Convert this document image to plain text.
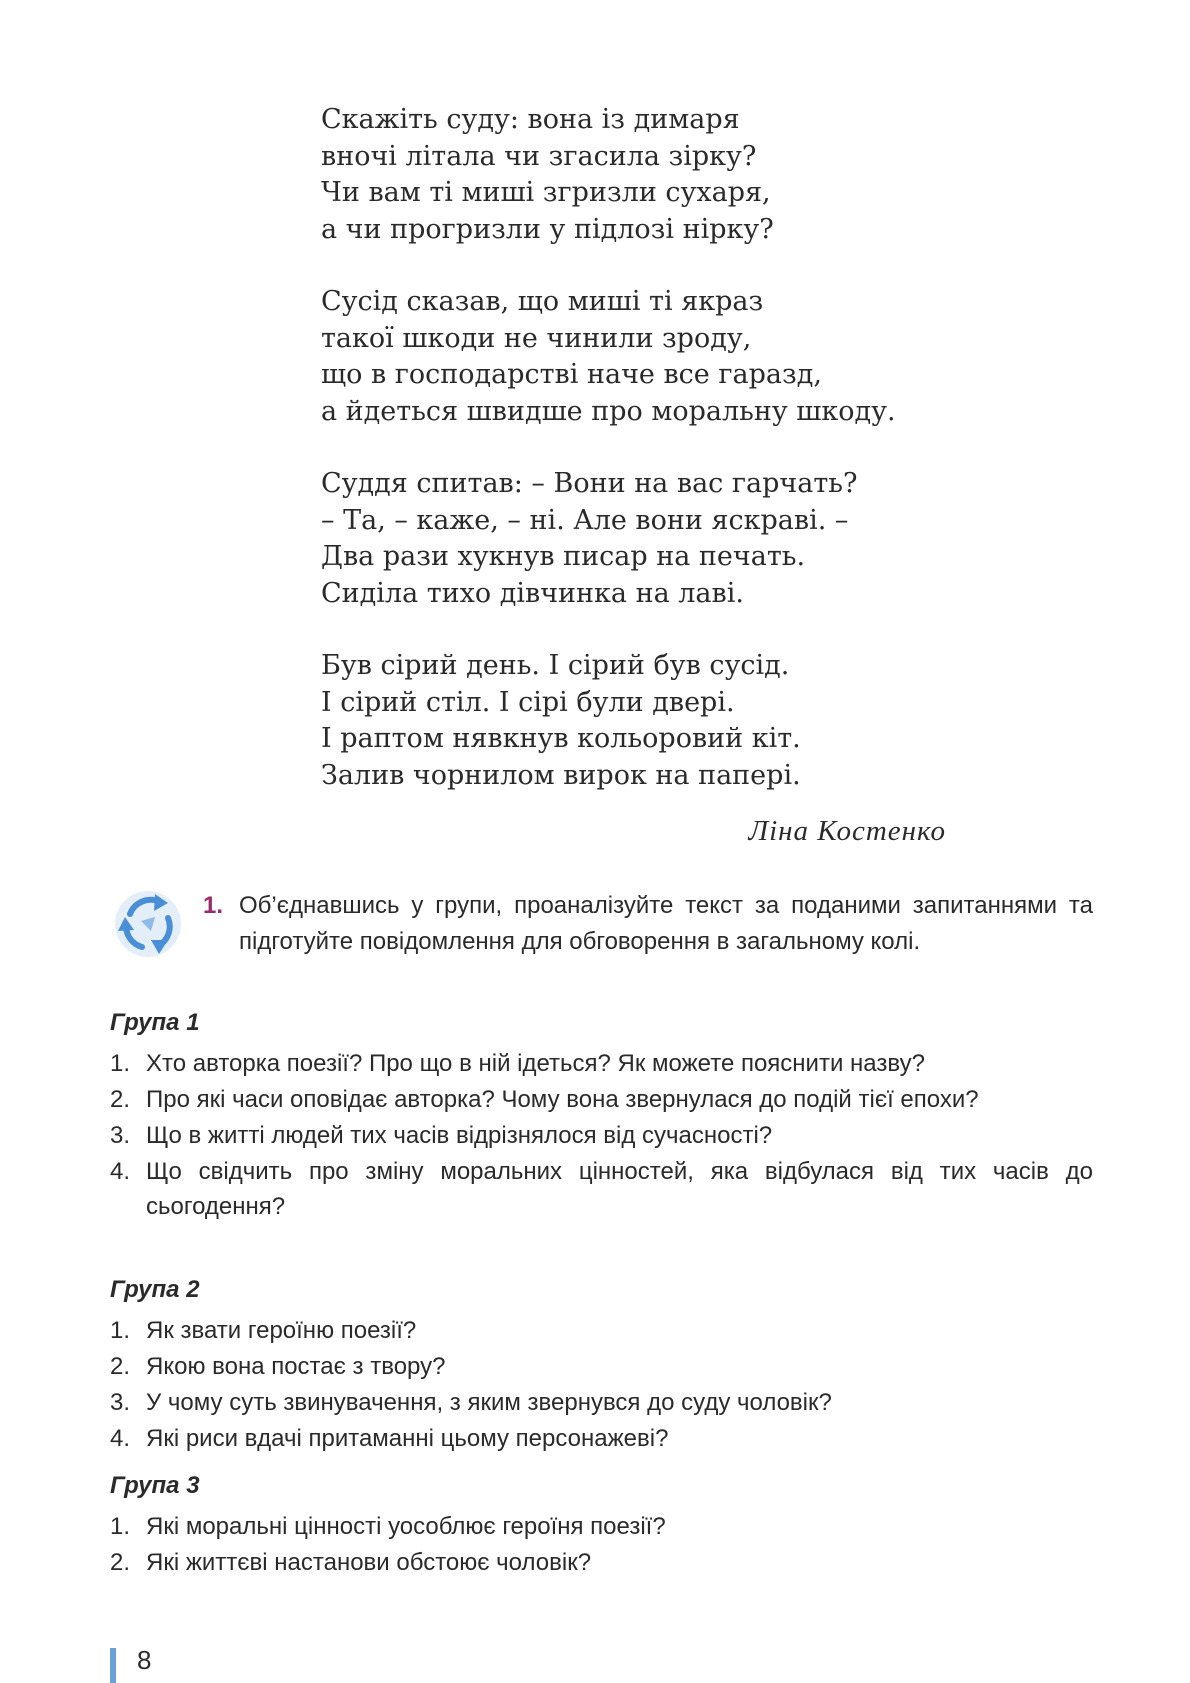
Скажіть суду: вона із димаря
вночі літала чи згасила зірку?
Чи вам ті миші згризли сухаря,
а чи прогризли у підлозі нірку?
Сусід сказав, що миші ті якраз
такої шкоди не чинили зроду,
що в господарстві наче все гаразд,
а йдеться швидше про моральну шкоду.
Суддя спитав: – Вони на вас гарчать?
– Та, – каже, – ні. Але вони яскраві. –
Два рази хукнув писар на печать.
Сиділа тихо дівчинка на лаві.
Був сірий день. І сірий був сусід.
І сірий стіл. І сірі були двері.
І раптом нявкнув кольоровий кіт.
Залив чорнилом вирок на папері.
Ліна Костенко
1. Об’єднавшись у групи, проаналізуйте текст за поданими запитаннями та підготуйте повідомлення для обговорення в загальному колі.
Група 1
1. Хто авторка поезії? Про що в ній ідеться? Як можете пояснити назву?
2. Про які часи оповідає авторка? Чому вона звернулася до подій тієї епохи?
3. Що в житті людей тих часів відрізнялося від сучасності?
4. Що свідчить про зміну моральних цінностей, яка відбулася від тих часів до сьогодення?
Група 2
1. Як звати героїню поезії?
2. Якою вона постає з твору?
3. У чому суть звинувачення, з яким звернувся до суду чоловік?
4. Які риси вдачі притаманні цьому персонажеві?
Група 3
1. Які моральні цінності уособлює героїня поезії?
2. Які життєві настанови обстоює чоловік?
8
